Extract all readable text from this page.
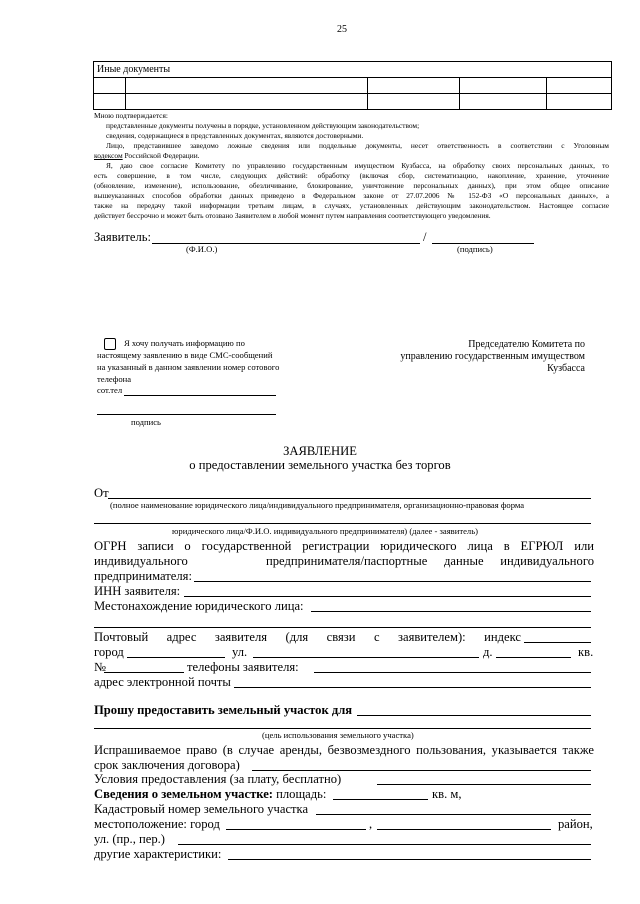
25
Иные документы				

Мною подтверждается:
представленные документы получены в порядке, установленном действующим законодательством;
сведения, содержащиеся в представленных документах, являются достоверными.
Лицо, представившее заведомо ложные сведения или поддельные документы, несет ответственность в соответствии с Уголовным
кодексом Российской Федерации.
Я, даю свое согласие Комитету по управлению государственным имуществом Кузбасса, на обработку своих персональных данных, то
есть совершение, в том числе, следующих действий: обработку (включая сбор, систематизацию, накопление, хранение, уточнение
(обновление, изменение), использование, обезличивание, блокирование, уничтожение персональных данных), при этом общее описание
вышеуказанных способов обработки данных приведено в Федеральном законе от 27.07.2006 № 152-ФЗ «О персональных данных», а
также на передачу такой информации третьим лицам, в случаях, установленных действующим законодательством. Настоящее согласие
действует бессрочно и может быть отозвано Заявителем в любой момент путем направления соответствующего уведомления.
Заявитель:	/
(Ф.И.О.)	(подпись)
Я хочу получать информацию по
настоящему заявлению в виде СМС-сообщений
на указанный в данном заявлении номер сотового
телефона
сот.тел
подпись
Председателю Комитета по
управлению государственным имуществом
Кузбасса
ЗАЯВЛЕНИЕ
о предоставлении земельного участка без торгов
От
(полное наименование юридического лица/индивидуального предпринимателя, организационно-правовая форма
юридического лица/Ф.И.О. индивидуального предпринимателя) (далее - заявитель)
ОГРН записи о государственной регистрации юридического лица в ЕГРЮЛ или
индивидуального	предпринимателя/паспортные данные индивидуального
предпринимателя:
ИНН заявителя:
Местонахождение юридического лица:
Почтовый адрес заявителя (для связи с заявителем): индекс
город	ул.	д.	кв.
№	телефоны заявителя:
адрес электронной почты
Прошу предоставить земельный участок для
(цель использования земельного участка)
Испрашиваемое право (в случае аренды, безвозмездного пользования, указывается также
срок заключения договора)
Условия предоставления (за плату, бесплатно)
Сведения о земельном участке: площадь:	кв. м,
Кадастровый номер земельного участка
местоположение: город	,	район,
ул. (пр., пер.)
другие характеристики:
